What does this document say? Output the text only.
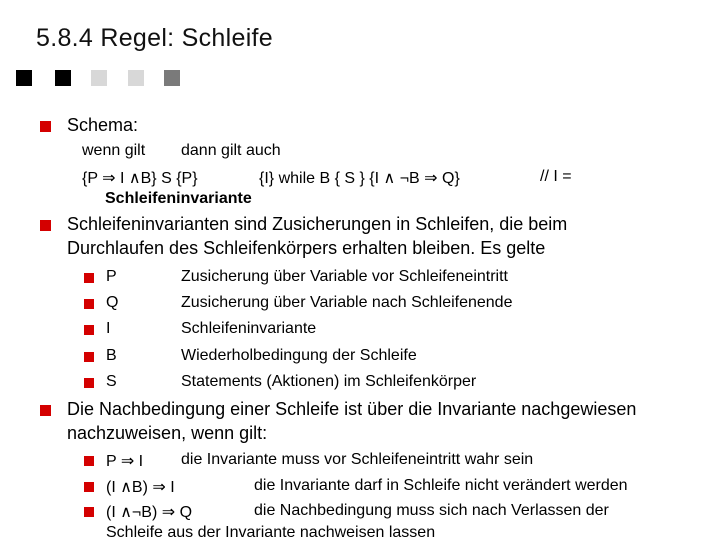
5.8.4 Regel: Schleife
Schema:
wenn gilt dann gilt auch
{P ⇒ I ∧B} S {P}	{I} while B { S } {I ∧ ¬B ⇒ Q}	// I =
Schleifeninvariante
Schleifeninvarianten sind Zusicherungen in Schleifen, die beim
Durchlaufen des Schleifenkörpers erhalten bleiben. Es gelte
P	Zusicherung über Variable vor Schleifeneintritt
Q	Zusicherung über Variable nach Schleifenende
I	Schleifeninvariante
B	Wiederholbedingung der Schleife
S	Statements (Aktionen) im Schleifenkörper
Die Nachbedingung einer Schleife ist über die Invariante nachgewiesen
nachzuweisen, wenn gilt:
P ⇒ I die Invariante muss vor Schleifeneintritt wahr sein
(I ∧B) ⇒ I	die Invariante darf in Schleife nicht verändert werden
(I ∧¬B) ⇒ Q	die Nachbedingung muss sich nach Verlassen der
Schleife aus der Invariante nachweisen lassen
